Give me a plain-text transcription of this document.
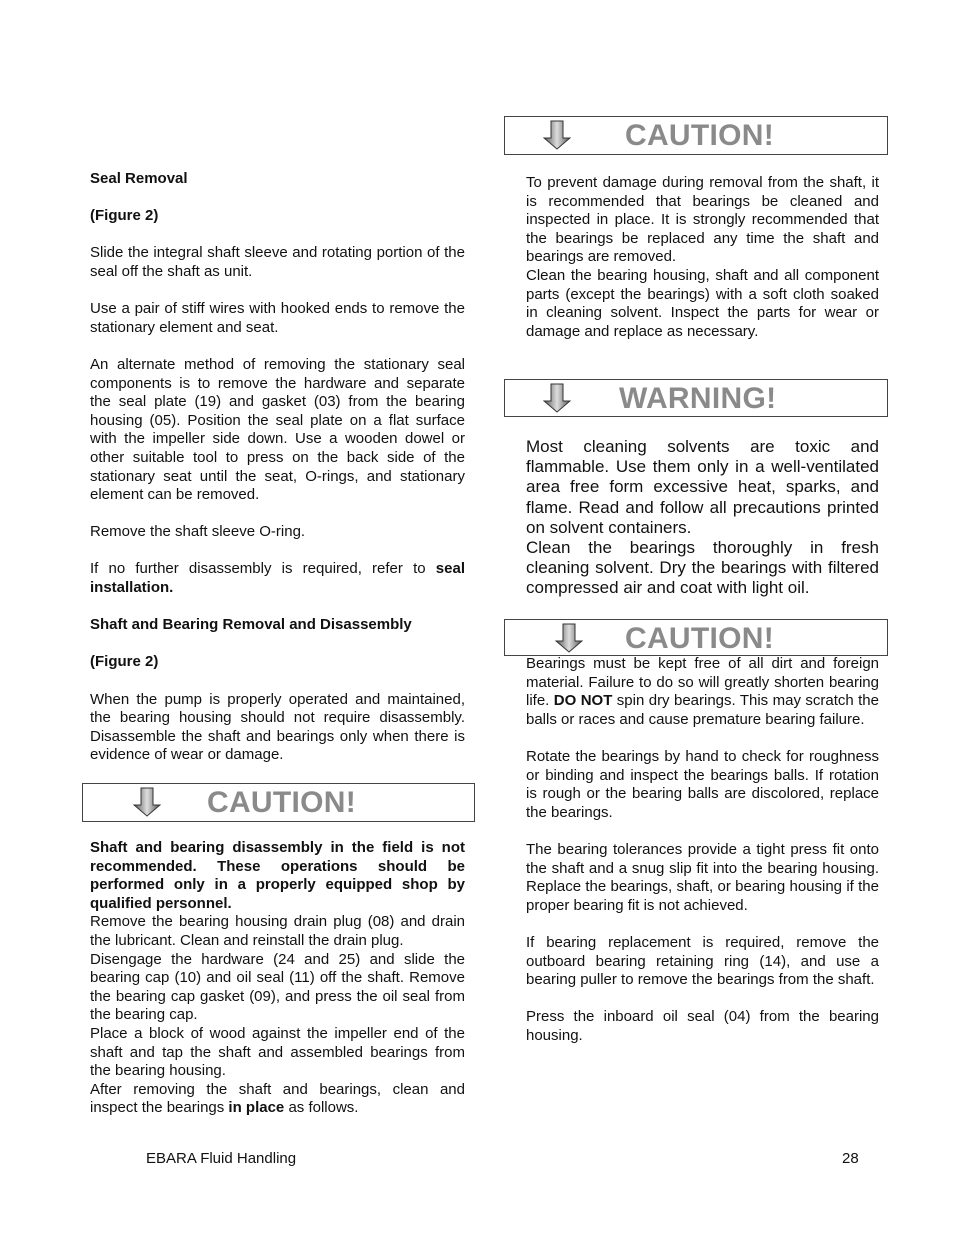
CAUTION!
WARNING!
CAUTION!
CAUTION!

Seal Removal

(Figure 2)

Slide the integral shaft sleeve and rotating portion of the seal off the shaft as unit.

Use a pair of stiff wires with hooked ends to remove the stationary element and seat.

An alternate method of removing the stationary seal components is to remove the hardware and separate the seal plate (19) and gasket (03) from the bearing housing (05). Position the seal plate on a flat surface with the impeller side down. Use a wooden dowel or other suitable tool to press on the back side of the stationary seat until the seat, O-rings, and stationary element can be removed.

Remove the shaft sleeve O-ring.

If no further disassembly is required, refer to seal installation.

Shaft and Bearing Removal and Disassembly

(Figure 2)

When the pump is properly operated and maintained, the bearing housing should not require disassembly. Disassemble the shaft and bearings only when there is evidence of wear or damage.

Shaft and bearing disassembly in the field is not recommended. These operations should be performed only in a properly equipped shop by qualified personnel.

Remove the bearing housing drain plug (08) and drain the lubricant. Clean and reinstall the drain plug.

Disengage the hardware (24 and 25) and slide the bearing cap (10) and oil seal (11) off the shaft. Remove the bearing cap gasket (09), and press the oil seal from the bearing cap.

Place a block of wood against the impeller end of the shaft and tap the shaft and assembled bearings from the bearing housing.

After removing the shaft and bearings, clean and inspect the bearings in place as follows.

To prevent damage during removal from the shaft, it is recommended that bearings be cleaned and inspected in place. It is strongly recommended that the bearings be replaced any time the shaft and bearings are removed.

Clean the bearing housing, shaft and all component parts (except the bearings) with a soft cloth soaked in cleaning solvent. Inspect the parts for wear or damage and replace as necessary.

Most cleaning solvents are toxic and flammable. Use them only in a well-ventilated area free form excessive heat, sparks, and flame. Read and follow all precautions printed on solvent containers.

Clean the bearings thoroughly in fresh cleaning solvent. Dry the bearings with filtered compressed air and coat with light oil.

Bearings must be kept free of all dirt and foreign material. Failure to do so will greatly shorten bearing life. DO NOT spin dry bearings. This may scratch the balls or races and cause premature bearing failure.

Rotate the bearings by hand to check for roughness or binding and inspect the bearings balls. If rotation is rough or the bearing balls are discolored, replace the bearings.

The bearing tolerances provide a tight press fit onto the shaft and a snug slip fit into the bearing housing. Replace the bearings, shaft, or bearing housing if the proper bearing fit is not achieved.

If bearing replacement is required, remove the outboard bearing retaining ring (14), and use a bearing puller to remove the bearings from the shaft.

Press the inboard oil seal (04) from the bearing housing.

EBARA Fluid Handling	28
